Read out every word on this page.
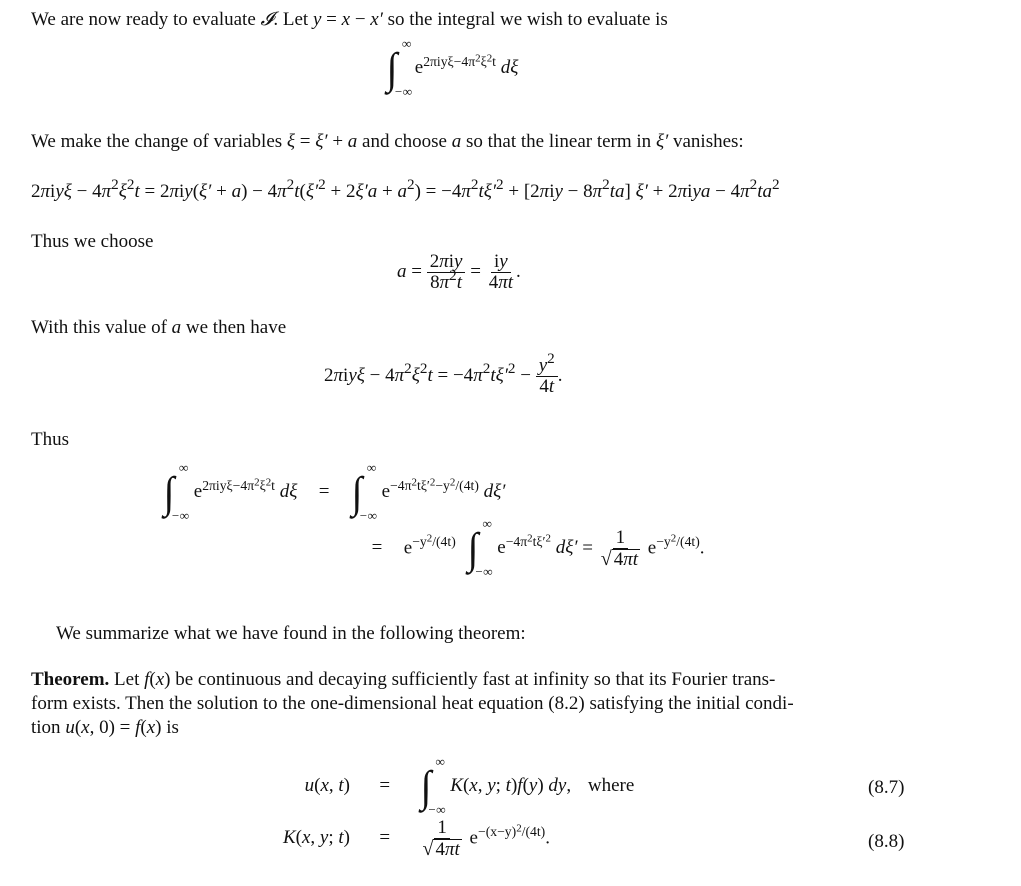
We are now ready to evaluate 𝓘. Let y = x − x′ so the integral we wish to evaluate is
∫
∞
−∞
$e^{2\pi iy\xi-4\pi^2\xi^2t}$ dξ
We make the change of variables ξ = ξ′ + a and choose a so that the linear term in ξ′ vanishes:
$2\pi iy\xi - 4\pi^2\xi^2t = 2\pi iy(\xi' + a) - 4\pi^2t(\xi'^2 + 2\xi'a + a^2) = -4\pi^2t\xi'^2 + [2\pi iy - 8\pi^2ta] \xi' + 2\pi iya - 4\pi^2ta^2$
Thus we choose
$a = \frac{\text{2πiy}}{8\pi^2t} = \frac{iy}{4\pi t}$ .
With this value of a we then have
$2\pi iy\xi - 4\pi^2\xi^2t = -4\pi^2t\xi'^2 - \frac{y^2}{4t}$ .
Thus
∫
∞
−∞
$e^{2\pi iy\xi-4\pi^2\xi^2t}$ dξ = ∫
∞
−∞
$e^{-4\pi^2t\xi'^2-y^2/(4t)}$ dξ′
= $e^{-y^2/(4t)}$ ∫
∞
−∞
$e^{-4\pi^2t\xi'^2}$ $d\xi' = \frac{1}{√ 4\pi t} e^{-y^2/(4t)}$.
We summarize what we have found in the following theorem:
Theorem. Let f(x) be continuous and decaying sufficiently fast at infinity so that its Fourier trans-
form exists. Then the solution to the one-dimensional heat equation (8.2) satisfying the initial condi-
tion u(x, 0) = f(x) is
u(x, t) = ∫
∞
−∞
K(x, y; t)f(y) dy, where	(8.7)
K(x, y; $t) = \frac{1}{√ 4\pi t} e^{-(x-y)^2/(4t)}$.	(8.8)
